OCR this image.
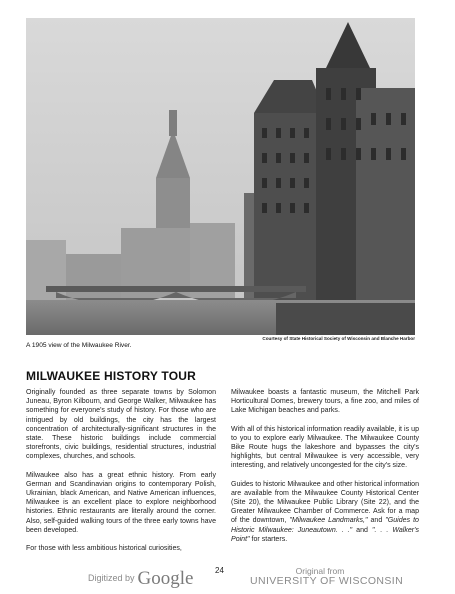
Courtesy of State Historical Society of Wisconsin and Blanche Harbor
A 1905 view of the Milwaukee River.
MILWAUKEE HISTORY TOUR

Originally founded as three separate towns by Solomon Juneau, Byron Kilbourn, and George Walker, Milwaukee has something for everyone's study of history. For those who are intrigued by old buildings, the city has the largest concentration of architecturally-significant structures in the state. These historic buildings include commercial storefronts, civic buildings, residential structures, industrial complexes, churches, and schools.

Milwaukee also has a great ethnic history. From early German and Scandinavian origins to contemporary Polish, Ukrainian, black American, and Native American influences, Milwaukee is an excellent place to explore neighborhood histories. Ethnic restaurants are literally around the corner. Also, self-guided walking tours of the three early towns have been developed.

For those with less ambitious historical curiosities,

Milwaukee boasts a fantastic museum, the Mitchell Park Horticultural Domes, brewery tours, a fine zoo, and miles of Lake Michigan beaches and parks.

With all of this historical information readily available, it is up to you to explore early Milwaukee. The Milwaukee County Bike Route hugs the lakeshore and bypasses the city's highlights, but central Milwaukee is very accessible, very interesting, and relatively uncongested for the city's size.

Guides to historic Milwaukee and other historical information are available from the Milwaukee County Historical Center (Site 20), the Milwaukee Public Library (Site 22), and the Greater Milwaukee Chamber of Commerce. Ask for a map of the downtown, "Milwaukee Landmarks," and "Guides to Historic Milwaukee: Juneautown. . ." and ". . . Walker's Point" for starters.

Digitized by Google	24	Original from
UNIVERSITY OF WISCONSIN
